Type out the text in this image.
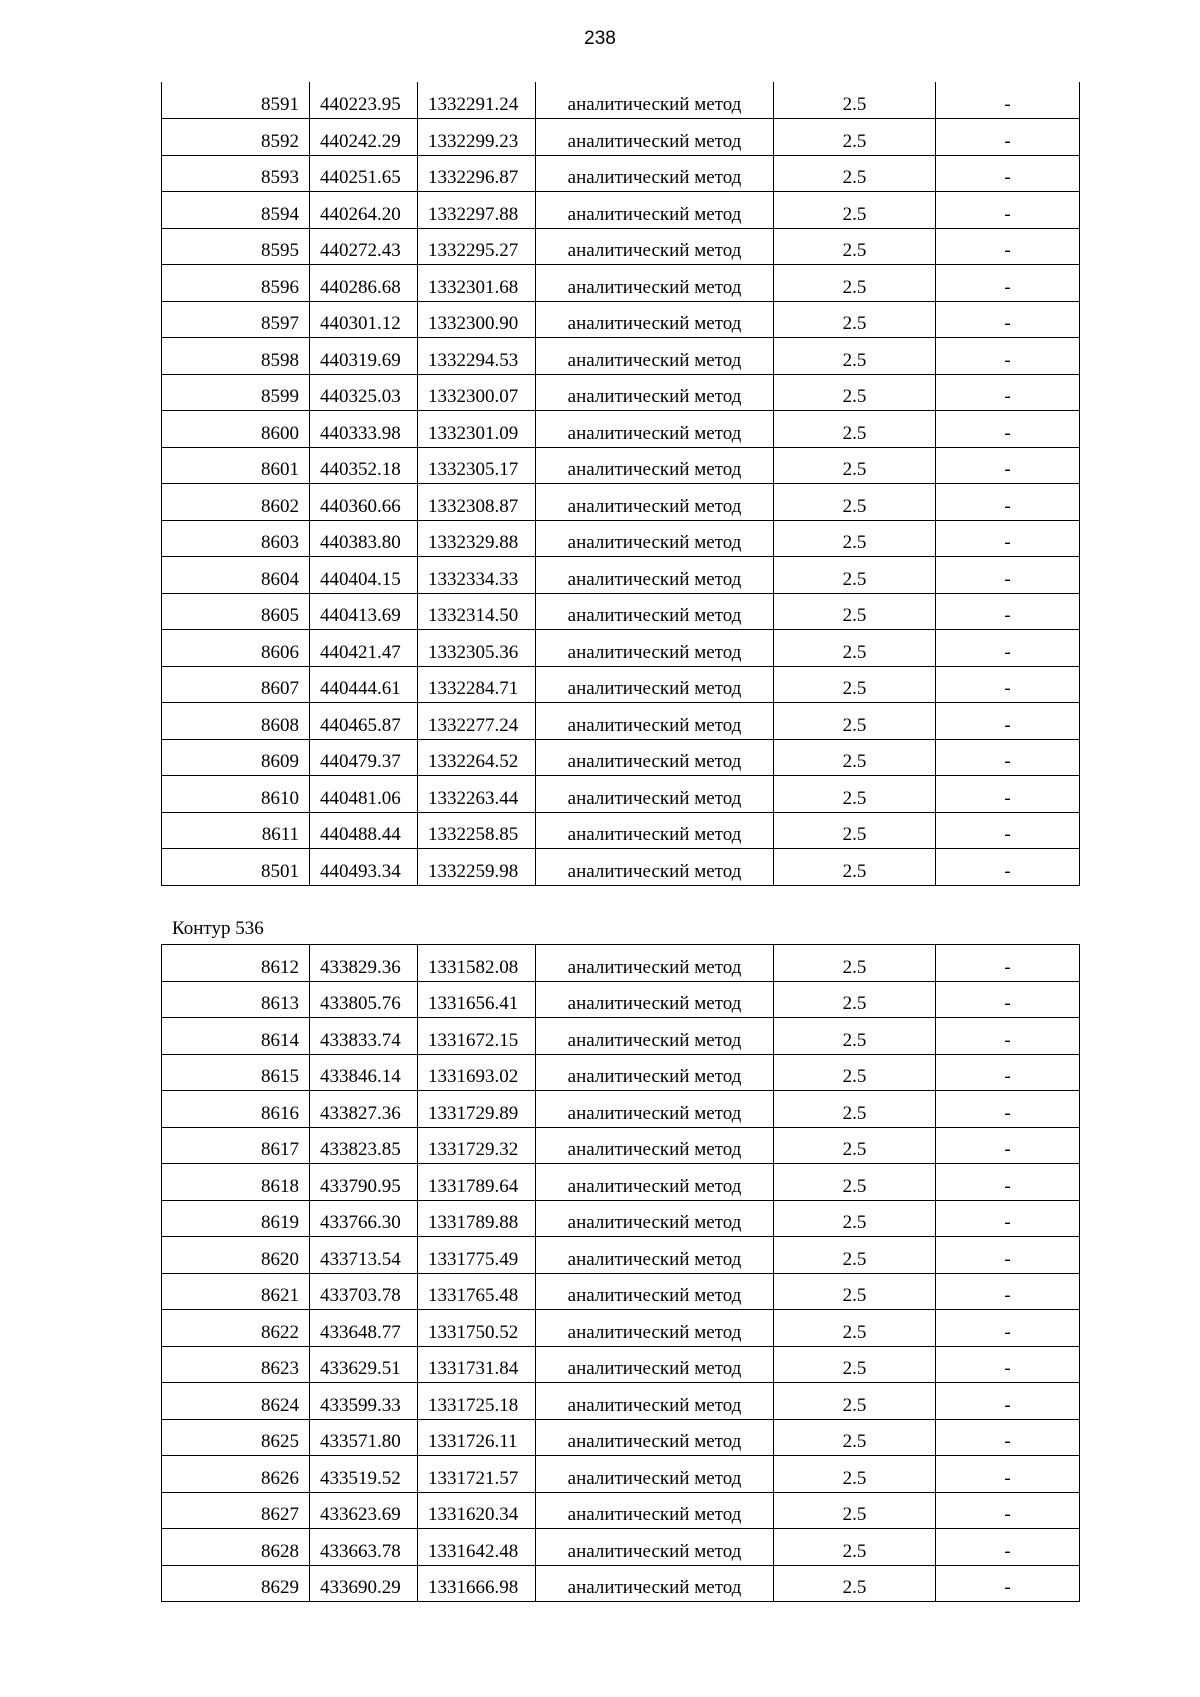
238
8591	440223.95	1332291.24	аналитический метод	2.5	-
8592	440242.29	1332299.23	аналитический метод	2.5	-
8593	440251.65	1332296.87	аналитический метод	2.5	-
8594	440264.20	1332297.88	аналитический метод	2.5	-
8595	440272.43	1332295.27	аналитический метод	2.5	-
8596	440286.68	1332301.68	аналитический метод	2.5	-
8597	440301.12	1332300.90	аналитический метод	2.5	-
8598	440319.69	1332294.53	аналитический метод	2.5	-
8599	440325.03	1332300.07	аналитический метод	2.5	-
8600	440333.98	1332301.09	аналитический метод	2.5	-
8601	440352.18	1332305.17	аналитический метод	2.5	-
8602	440360.66	1332308.87	аналитический метод	2.5	-
8603	440383.80	1332329.88	аналитический метод	2.5	-
8604	440404.15	1332334.33	аналитический метод	2.5	-
8605	440413.69	1332314.50	аналитический метод	2.5	-
8606	440421.47	1332305.36	аналитический метод	2.5	-
8607	440444.61	1332284.71	аналитический метод	2.5	-
8608	440465.87	1332277.24	аналитический метод	2.5	-
8609	440479.37	1332264.52	аналитический метод	2.5	-
8610	440481.06	1332263.44	аналитический метод	2.5	-
8611	440488.44	1332258.85	аналитический метод	2.5	-
8501	440493.34	1332259.98	аналитический метод	2.5	-
Контур 536
8612	433829.36	1331582.08	аналитический метод	2.5	-
8613	433805.76	1331656.41	аналитический метод	2.5	-
8614	433833.74	1331672.15	аналитический метод	2.5	-
8615	433846.14	1331693.02	аналитический метод	2.5	-
8616	433827.36	1331729.89	аналитический метод	2.5	-
8617	433823.85	1331729.32	аналитический метод	2.5	-
8618	433790.95	1331789.64	аналитический метод	2.5	-
8619	433766.30	1331789.88	аналитический метод	2.5	-
8620	433713.54	1331775.49	аналитический метод	2.5	-
8621	433703.78	1331765.48	аналитический метод	2.5	-
8622	433648.77	1331750.52	аналитический метод	2.5	-
8623	433629.51	1331731.84	аналитический метод	2.5	-
8624	433599.33	1331725.18	аналитический метод	2.5	-
8625	433571.80	1331726.11	аналитический метод	2.5	-
8626	433519.52	1331721.57	аналитический метод	2.5	-
8627	433623.69	1331620.34	аналитический метод	2.5	-
8628	433663.78	1331642.48	аналитический метод	2.5	-
8629	433690.29	1331666.98	аналитический метод	2.5	-
